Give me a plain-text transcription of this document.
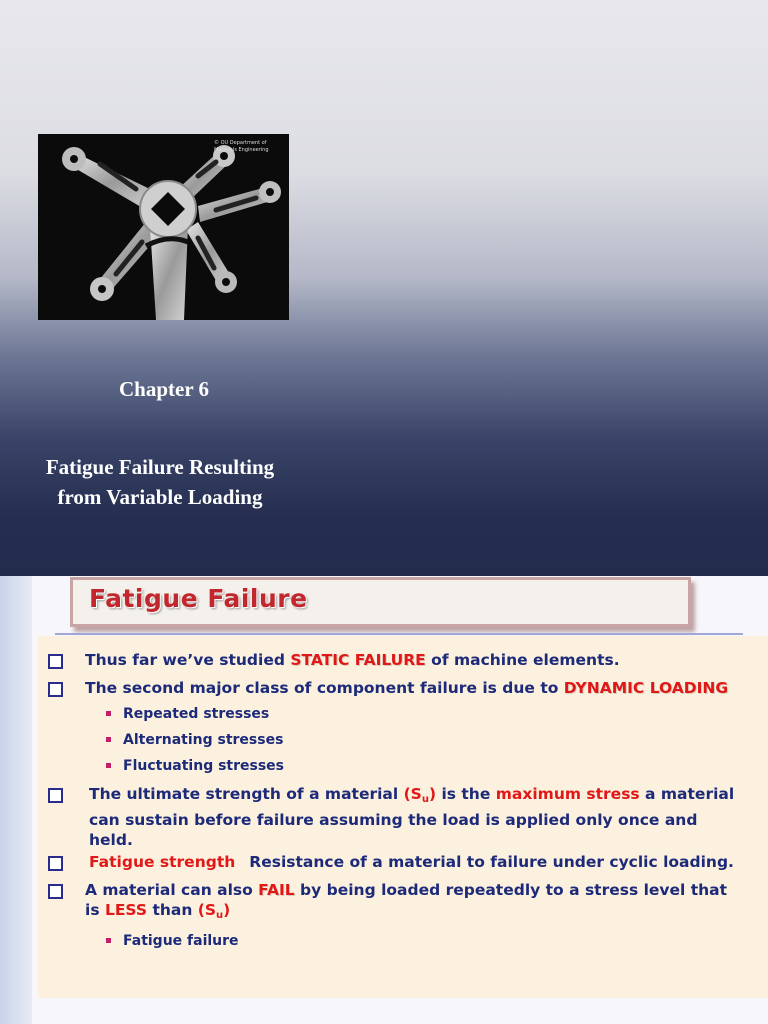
© OU Department of
Materials Engineering
Chapter 6
Fatigue Failure Resulting
from Variable Loading
Fatigue Failure
Thus far we’ve studied STATIC FAILURE of machine elements.
The second major class of component failure is due to DYNAMIC LOADING
Repeated stresses
Alternating stresses
Fluctuating stresses
The ultimate strength of a material $(S_u)$ is the maximum stress a material
can sustain before failure assuming the load is applied only once and
held.
Fatigue strength Resistance of a material to failure under cyclic loading.
A material can also FAIL by being loaded repeatedly to a stress level that
is LESS than $(S_u)$
Fatigue failure
